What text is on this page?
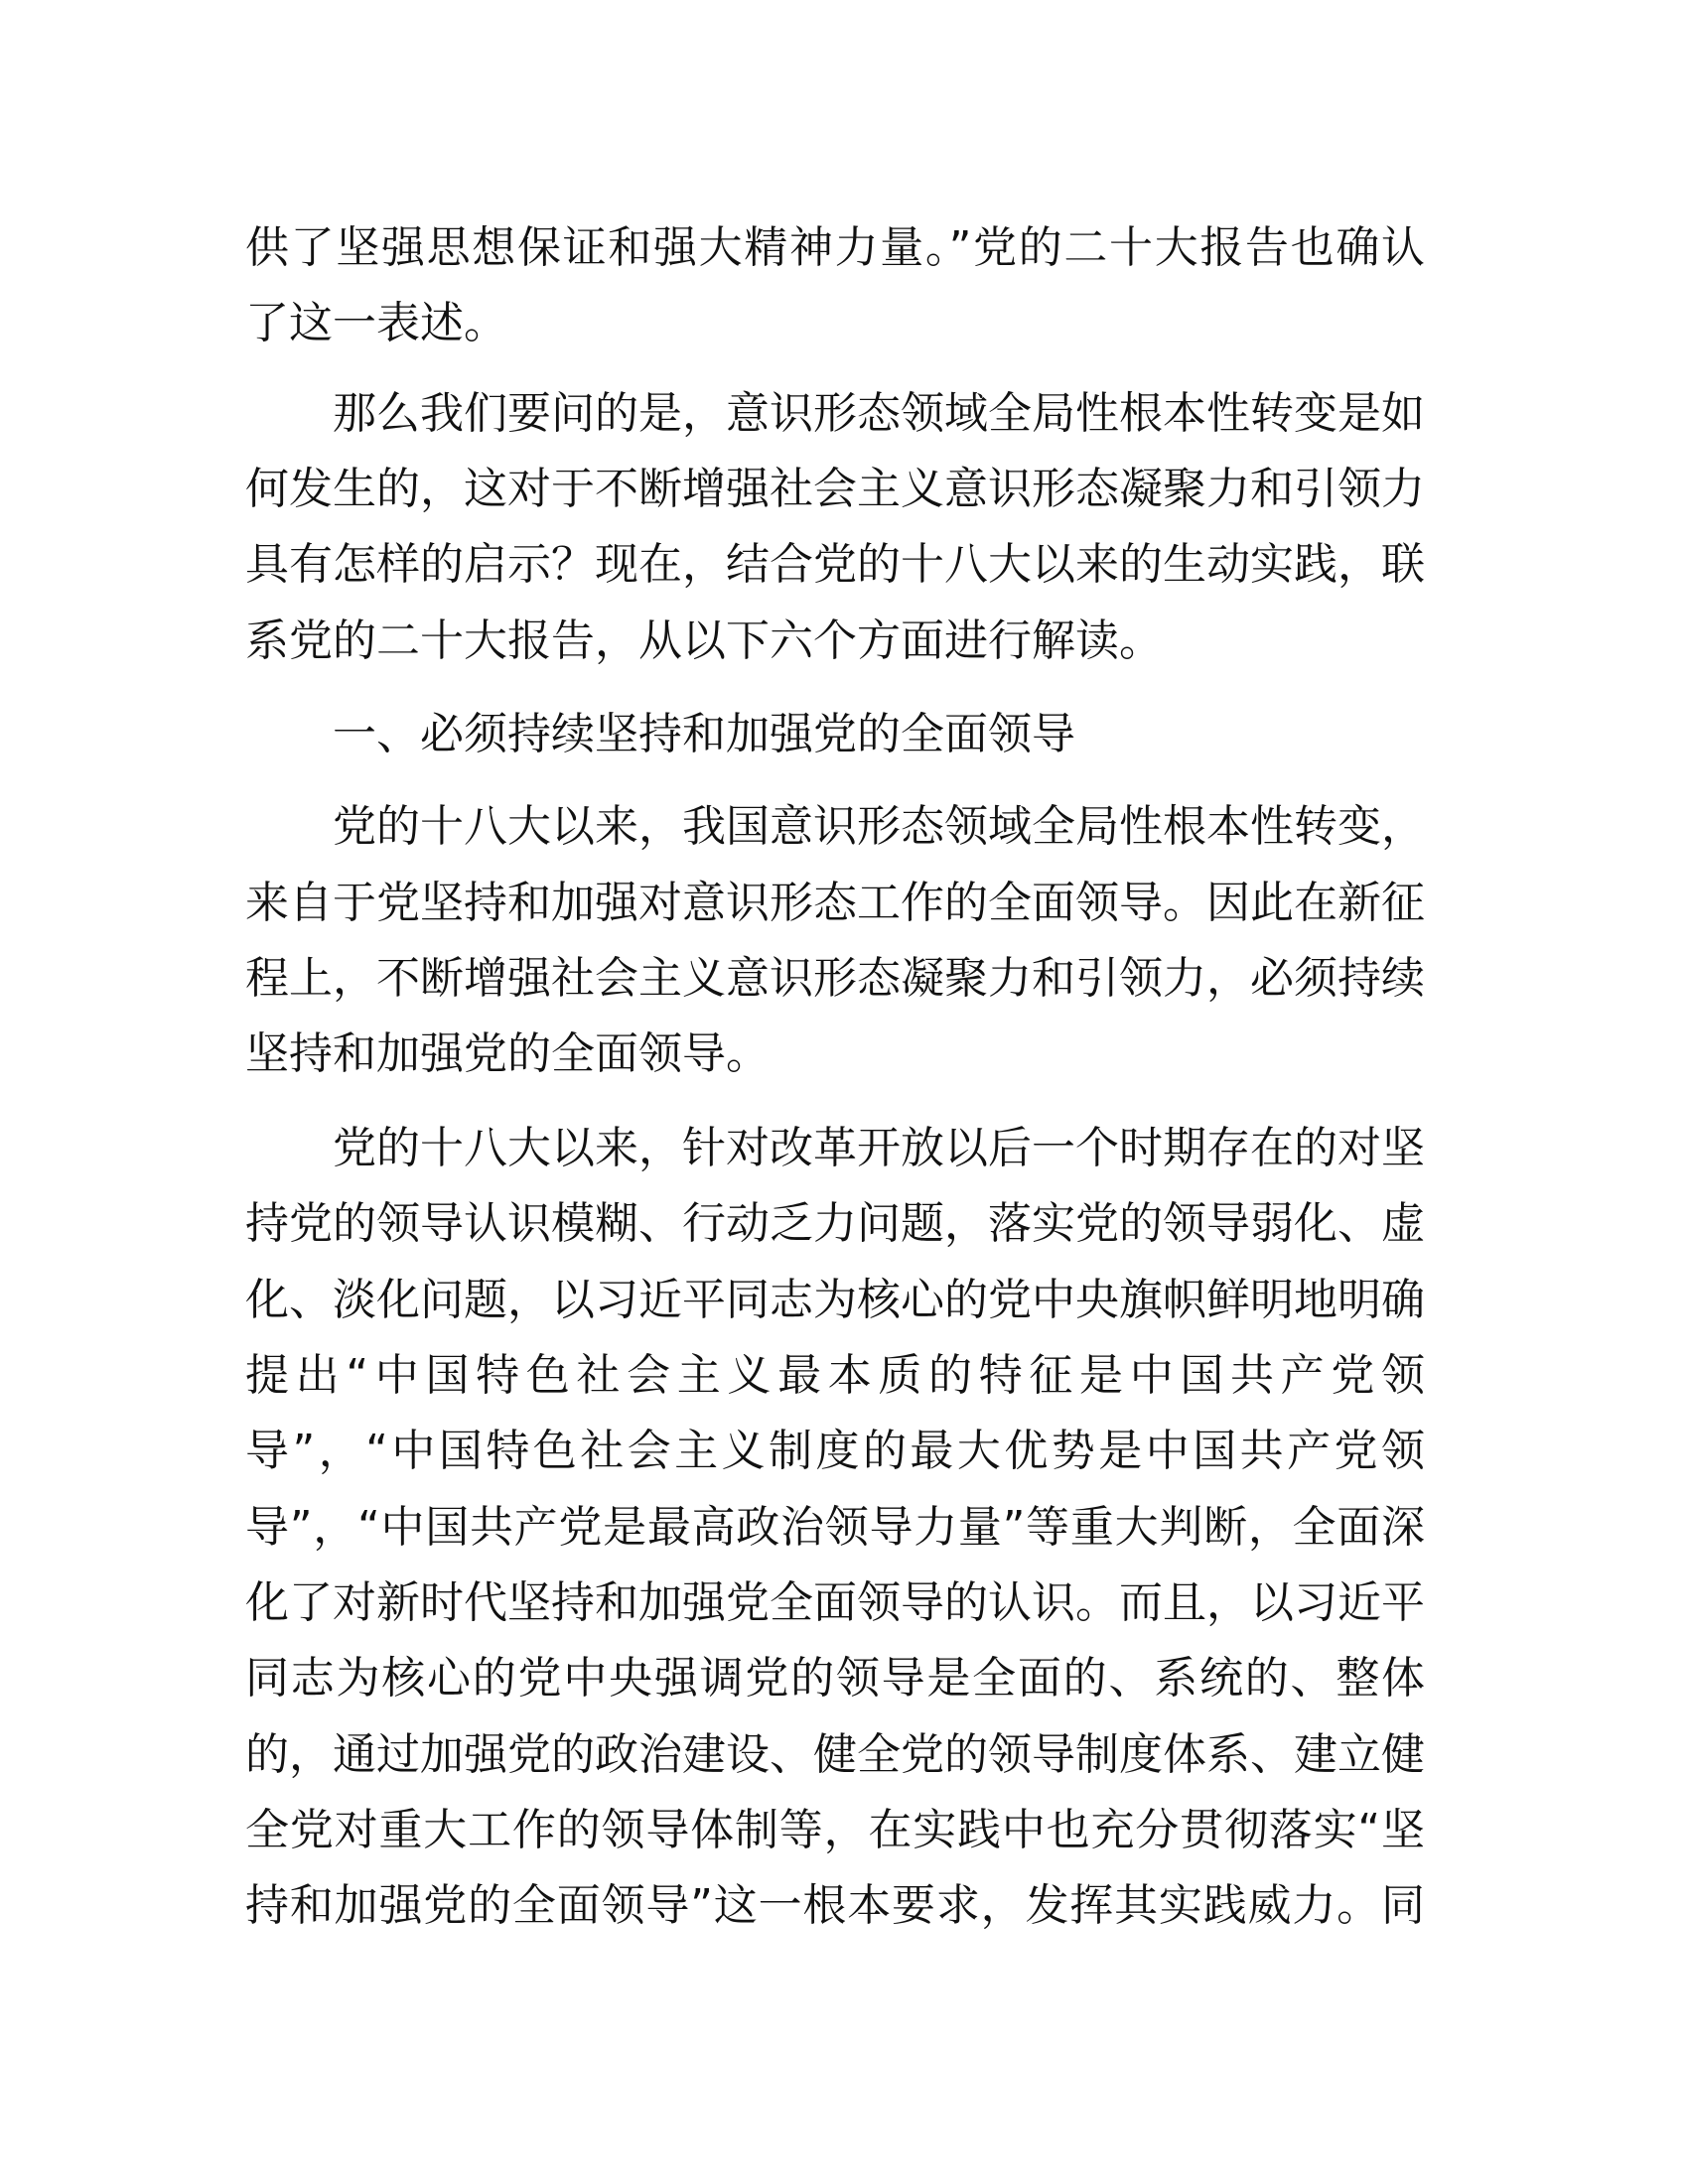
供了坚强思想保证和强大精神力量。”党的二十大报告也确认
了这一表述。
那么我们要问的是，意识形态领域全局性根本性转变是如
何发生的，这对于不断增强社会主义意识形态凝聚力和引领力
具有怎样的启示？现在，结合党的十八大以来的生动实践，联
系党的二十大报告，从以下六个方面进行解读。
一、必须持续坚持和加强党的全面领导
党的十八大以来，我国意识形态领域全局性根本性转变，
来自于党坚持和加强对意识形态工作的全面领导。因此在新征
程上，不断增强社会主义意识形态凝聚力和引领力，必须持续
坚持和加强党的全面领导。
党的十八大以来，针对改革开放以后一个时期存在的对坚
持党的领导认识模糊、行动乏力问题，落实党的领导弱化、虚
化、淡化问题，以习近平同志为核心的党中央旗帜鲜明地明确
提出“中国特色社会主义最本质的特征是中国共产党领
导”，“中国特色社会主义制度的最大优势是中国共产党领
导”，“中国共产党是最高政治领导力量”等重大判断，全面深
化了对新时代坚持和加强党全面领导的认识。而且，以习近平
同志为核心的党中央强调党的领导是全面的、系统的、整体
的，通过加强党的政治建设、健全党的领导制度体系、建立健
全党对重大工作的领导体制等，在实践中也充分贯彻落实“坚
持和加强党的全面领导”这一根本要求，发挥其实践威力。同
